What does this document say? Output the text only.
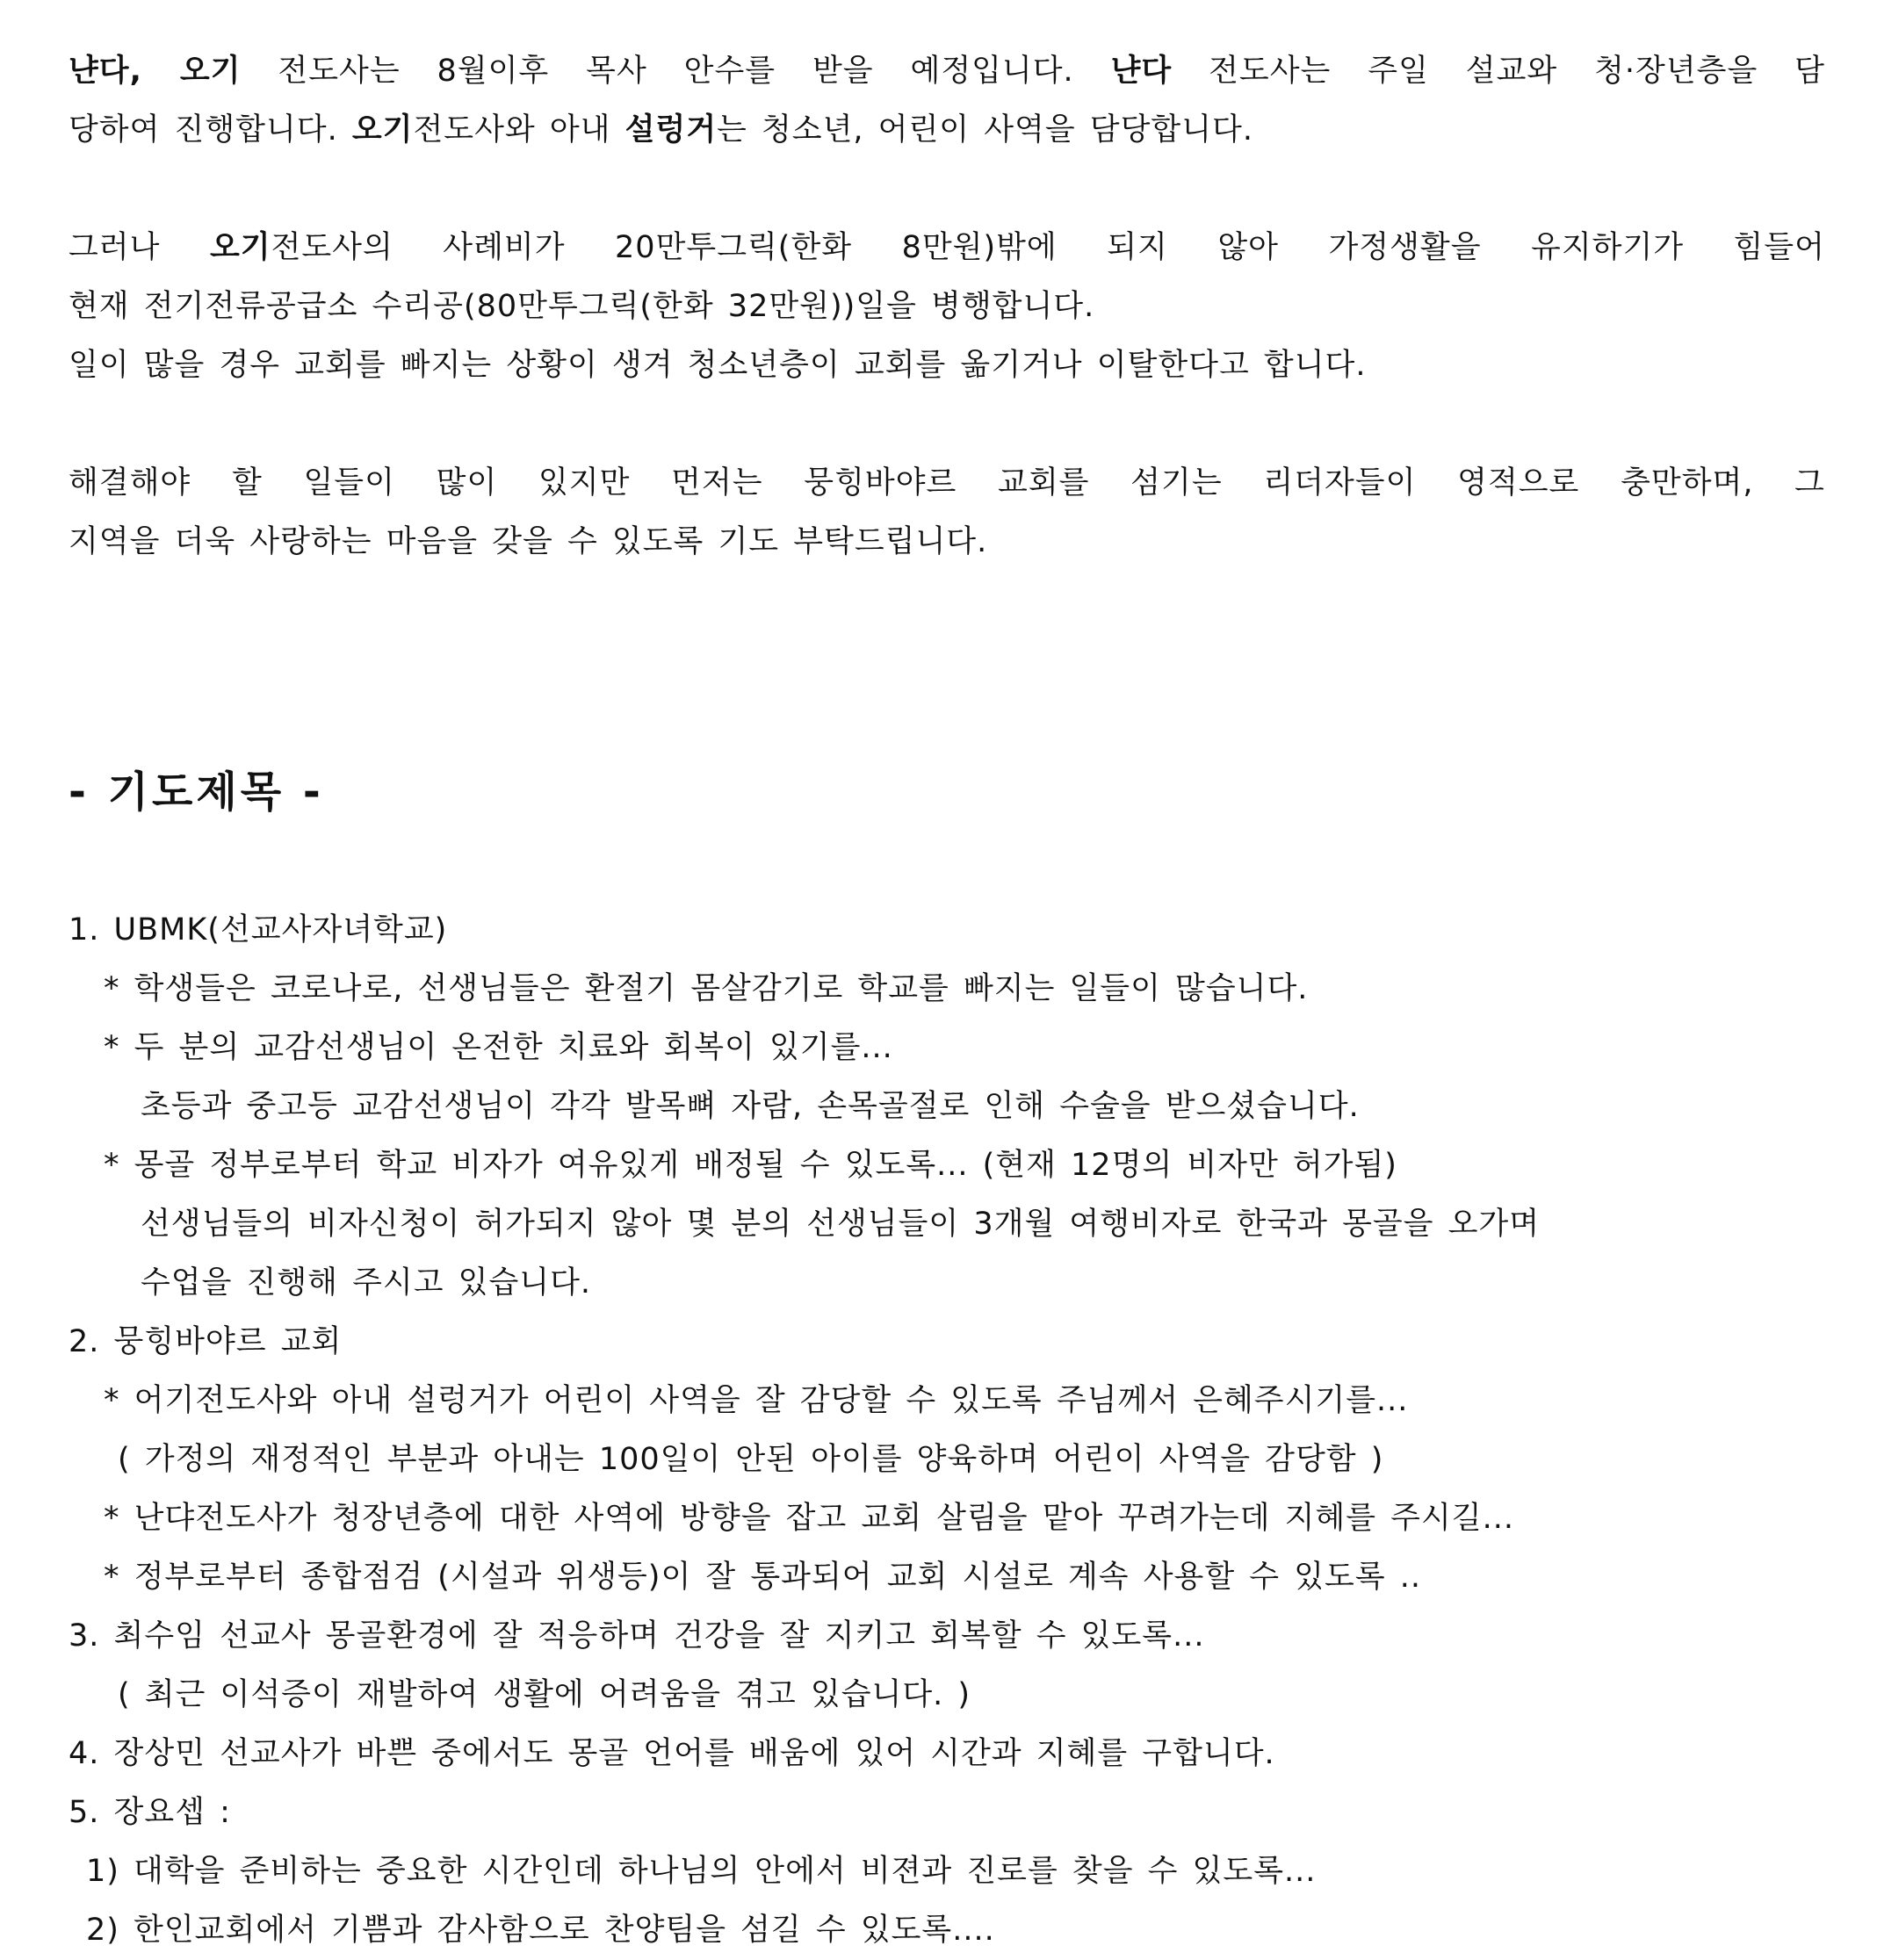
냔다, 오기 전도사는 8월이후 목사 안수를 받을 예정입니다. 냔다 전도사는 주일 설교와 청·장년층을 담
당하여 진행합니다. 오기전도사와 아내 설렁거는 청소년, 어린이 사역을 담당합니다.
그러나 오기전도사의 사례비가 20만투그릭(한화 8만원)밖에 되지 않아 가정생활을 유지하기가 힘들어
현재 전기전류공급소 수리공(80만투그릭(한화 32만원))일을 병행합니다.
일이 많을 경우 교회를 빠지는 상황이 생겨 청소년층이 교회를 옮기거나 이탈한다고 합니다.
해결해야 할 일들이 많이 있지만 먼저는 뭉힝바야르 교회를 섬기는 리더자들이 영적으로 충만하며, 그
지역을 더욱 사랑하는 마음을 갖을 수 있도록 기도 부탁드립니다.
- 기도제목 -
1. UBMK(선교사자녀학교)
* 학생들은 코로나로, 선생님들은 환절기 몸살감기로 학교를 빠지는 일들이 많습니다.
* 두 분의 교감선생님이 온전한 치료와 회복이 있기를...
초등과 중고등 교감선생님이 각각 발목뼈 자람, 손목골절로 인해 수술을 받으셨습니다.
* 몽골 정부로부터 학교 비자가 여유있게 배정될 수 있도록... (현재 12명의 비자만 허가됨)
선생님들의 비자신청이 허가되지 않아 몇 분의 선생님들이 3개월 여행비자로 한국과 몽골을 오가며
수업을 진행해 주시고 있습니다.
2. 뭉힝바야르 교회
* 어기전도사와 아내 설렁거가 어린이 사역을 잘 감당할 수 있도록 주님께서 은혜주시기를...
( 가정의 재정적인 부분과 아내는 100일이 안된 아이를 양육하며 어린이 사역을 감당함 )
* 난댜전도사가 청장년층에 대한 사역에 방향을 잡고 교회 살림을 맡아 꾸려가는데 지혜를 주시길...
* 정부로부터 종합점검 (시설과 위생등)이 잘 통과되어 교회 시설로 계속 사용할 수 있도록 ..
3. 최수임 선교사 몽골환경에 잘 적응하며 건강을 잘 지키고 회복할 수 있도록...
( 최근 이석증이 재발하여 생활에 어려움을 겪고 있습니다. )
4. 장상민 선교사가 바쁜 중에서도 몽골 언어를 배움에 있어 시간과 지혜를 구합니다.
5. 장요셉 :
1) 대학을 준비하는 중요한 시간인데 하나님의 안에서 비젼과 진로를 찾을 수 있도록...
2) 한인교회에서 기쁨과 감사함으로 찬양팀을 섬길 수 있도록....
